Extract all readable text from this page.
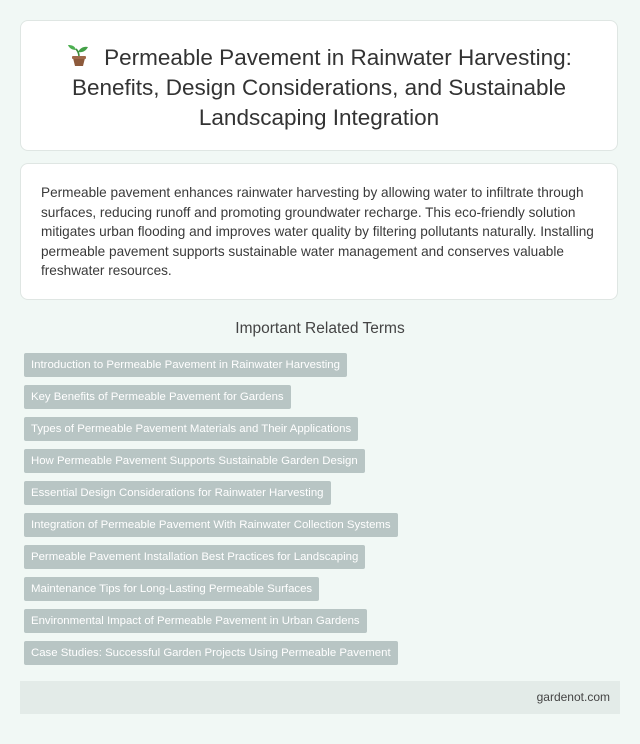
Permeable Pavement in Rainwater Harvesting: Benefits, Design Considerations, and Sustainable Landscaping Integration

Permeable pavement enhances rainwater harvesting by allowing water to infiltrate through surfaces, reducing runoff and promoting groundwater recharge. This eco-friendly solution mitigates urban flooding and improves water quality by filtering pollutants naturally. Installing permeable pavement supports sustainable water management and conserves valuable freshwater resources.

Important Related Terms
Introduction to Permeable Pavement in Rainwater Harvesting
Key Benefits of Permeable Pavement for Gardens
Types of Permeable Pavement Materials and Their Applications
How Permeable Pavement Supports Sustainable Garden Design
Essential Design Considerations for Rainwater Harvesting
Integration of Permeable Pavement With Rainwater Collection Systems
Permeable Pavement Installation Best Practices for Landscaping
Maintenance Tips for Long-Lasting Permeable Surfaces
Environmental Impact of Permeable Pavement in Urban Gardens
Case Studies: Successful Garden Projects Using Permeable Pavement
gardenot.com
